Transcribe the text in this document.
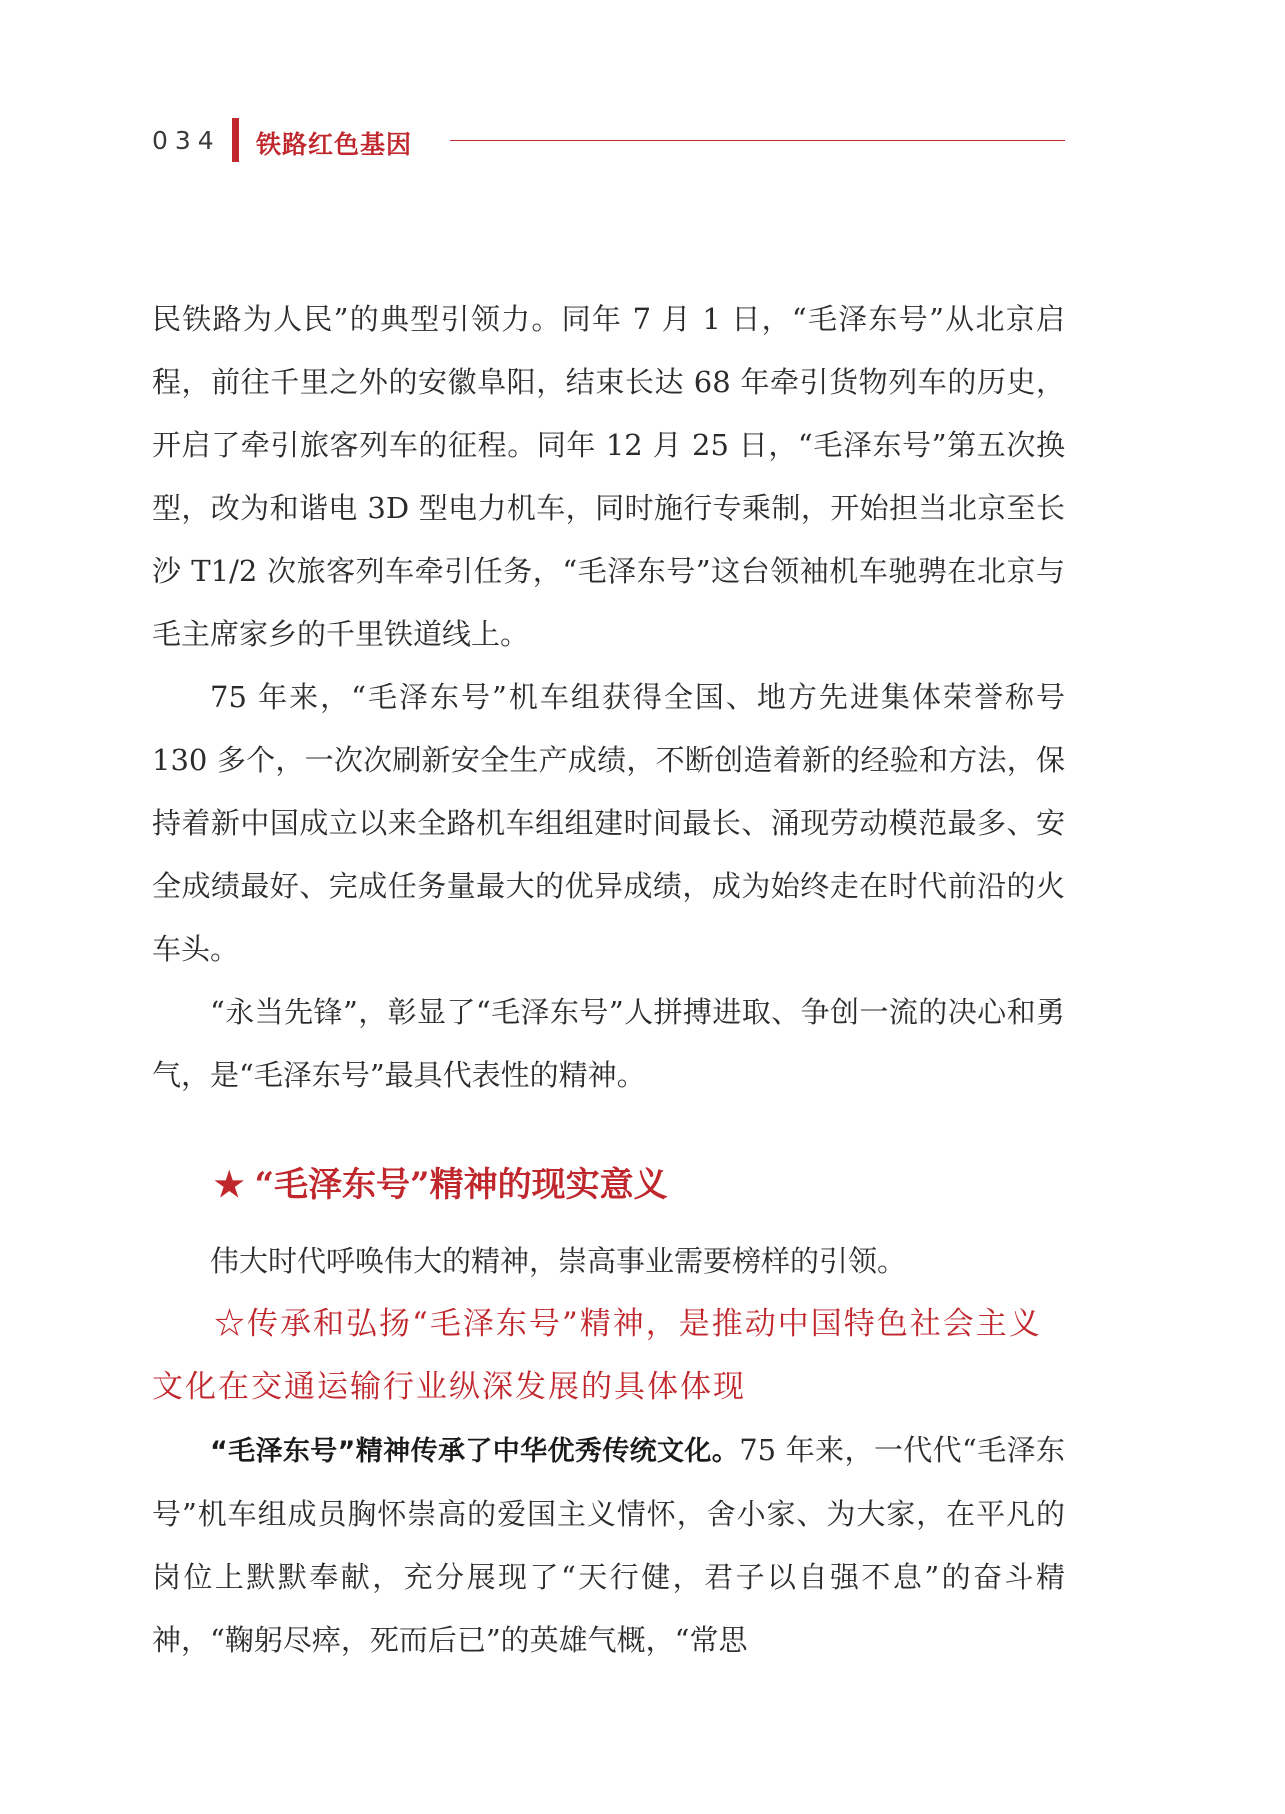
034 铁路红色基因

民铁路为人民”的典型引领力。同年 7 月 1 日，“毛泽东号”从北京启程，前往千里之外的安徽阜阳，结束长达 68 年牵引货物列车的历史，开启了牵引旅客列车的征程。同年 12 月 25 日，“毛泽东号”第五次换型，改为和谐电 3D 型电力机车，同时施行专乘制，开始担当北京至长沙 T1/2 次旅客列车牵引任务，“毛泽东号”这台领袖机车驰骋在北京与毛主席家乡的千里铁道线上。

75 年来，“毛泽东号”机车组获得全国、地方先进集体荣誉称号 130 多个，一次次刷新安全生产成绩，不断创造着新的经验和方法，保持着新中国成立以来全路机车组组建时间最长、涌现劳动模范最多、安全成绩最好、完成任务量最大的优异成绩，成为始终走在时代前沿的火车头。

“永当先锋”，彰显了“毛泽东号”人拼搏进取、争创一流的决心和勇气，是“毛泽东号”最具代表性的精神。

★ “毛泽东号”精神的现实意义

伟大时代呼唤伟大的精神，崇高事业需要榜样的引领。

☆传承和弘扬“毛泽东号”精神，是推动中国特色社会主义文化在交通运输行业纵深发展的具体体现

“毛泽东号”精神传承了中华优秀传统文化。75 年来，一代代“毛泽东号”机车组成员胸怀崇高的爱国主义情怀，舍小家、为大家，在平凡的岗位上默默奉献，充分展现了“天行健，君子以自强不息”的奋斗精神，“鞠躬尽瘁，死而后已”的英雄气概，“常思
